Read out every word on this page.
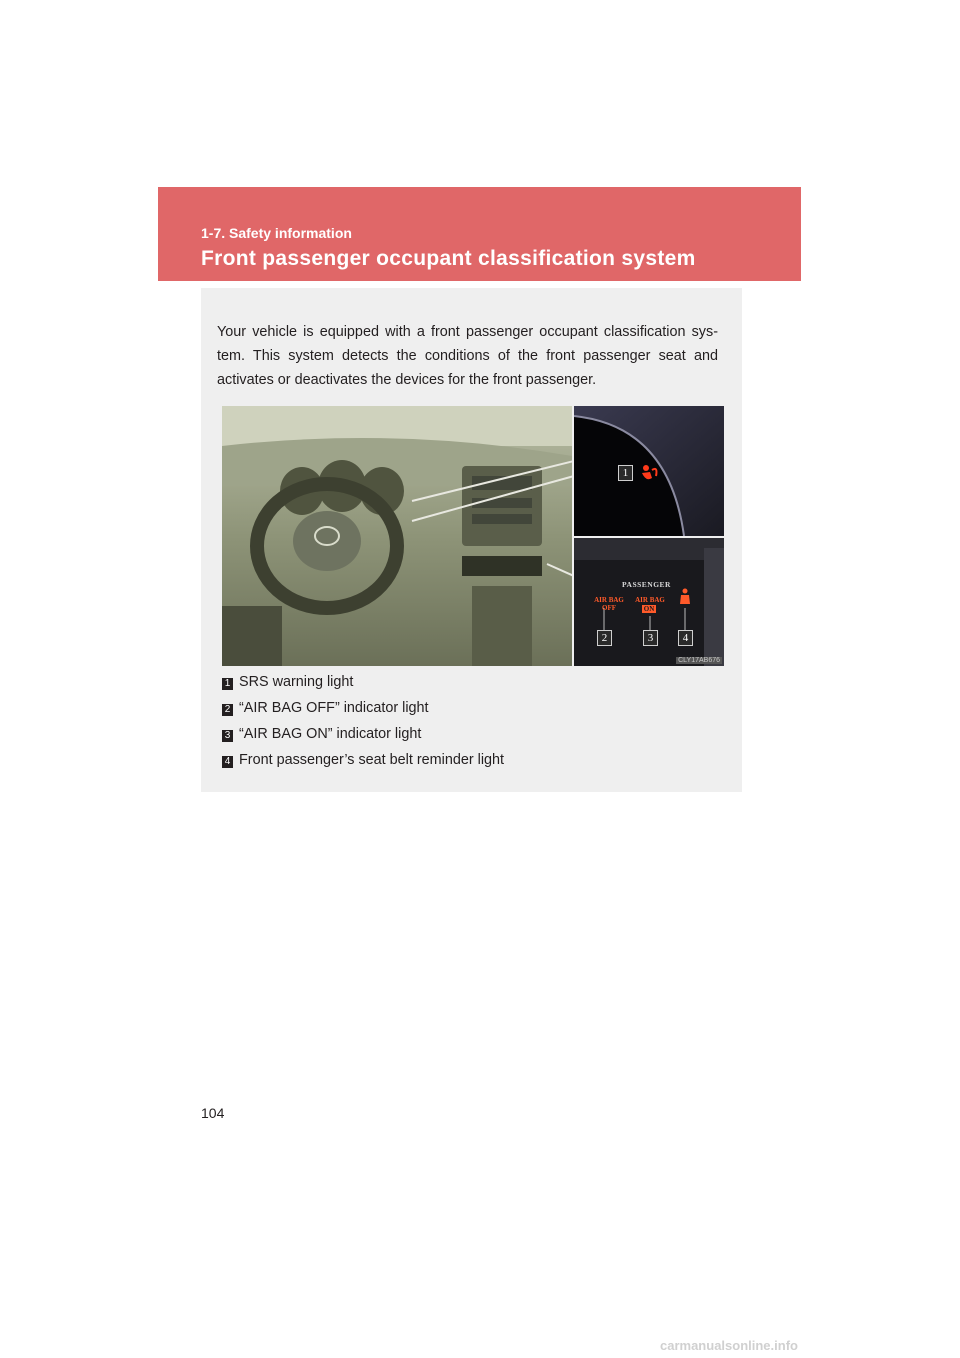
1-7. Safety information
Front passenger occupant classification system
Your vehicle is equipped with a front passenger occupant classification sys-tem. This system detects the conditions of the front passenger seat and activates or deactivates the devices for the front passenger.
1
PASSENGER
AIR BAG OFF
AIR BAG
ON
2	3	4
CLY17AB676
1 SRS warning light
2 “AIR BAG OFF” indicator light
3 “AIR BAG ON” indicator light
4 Front passenger’s seat belt reminder light
104
carmanualsonline.info
